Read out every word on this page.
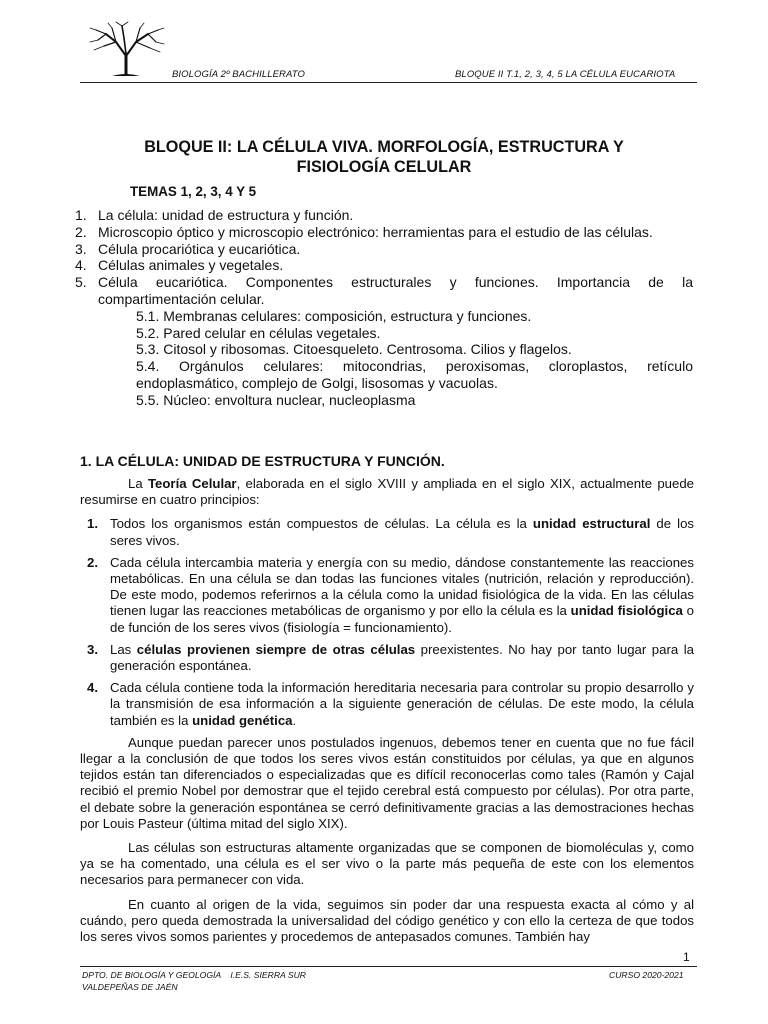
BIOLOGÍA 2º BACHILLERATO	BLOQUE II T.1, 2, 3, 4, 5 LA CÉLULA EUCARIOTA
BLOQUE II: LA CÉLULA VIVA. MORFOLOGÍA, ESTRUCTURA Y
FISIOLOGÍA CELULAR
TEMAS 1, 2, 3, 4 Y 5
1. La célula: unidad de estructura y función.
2. Microscopio óptico y microscopio electrónico: herramientas para el estudio de las células.
3. Célula procariótica y eucariótica.
4. Células animales y vegetales.
5. Célula eucariótica. Componentes estructurales y funciones. Importancia de la compartimentación celular.
5.1. Membranas celulares: composición, estructura y funciones.
5.2. Pared celular en células vegetales.
5.3. Citosol y ribosomas. Citoesqueleto. Centrosoma. Cilios y flagelos.
5.4. Orgánulos celulares: mitocondrias, peroxisomas, cloroplastos, retículo endoplasmático, complejo de Golgi, lisosomas y vacuolas.
5.5. Núcleo: envoltura nuclear, nucleoplasma
1. LA CÉLULA: UNIDAD DE ESTRUCTURA Y FUNCIÓN.
La Teoría Celular, elaborada en el siglo XVIII y ampliada en el siglo XIX, actualmente puede resumirse en cuatro principios:
1. Todos los organismos están compuestos de células. La célula es la unidad estructural de los seres vivos.
2. Cada célula intercambia materia y energía con su medio, dándose constantemente las reacciones metabólicas. En una célula se dan todas las funciones vitales (nutrición, relación y reproducción). De este modo, podemos referirnos a la célula como la unidad fisiológica de la vida. En las células tienen lugar las reacciones metabólicas de organismo y por ello la célula es la unidad fisiológica o de función de los seres vivos (fisiología = funcionamiento).
3. Las células provienen siempre de otras células preexistentes. No hay por tanto lugar para la generación espontánea.
4. Cada célula contiene toda la información hereditaria necesaria para controlar su propio desarrollo y la transmisión de esa información a la siguiente generación de células. De este modo, la célula también es la unidad genética.
Aunque puedan parecer unos postulados ingenuos, debemos tener en cuenta que no fue fácil llegar a la conclusión de que todos los seres vivos están constituidos por células, ya que en algunos tejidos están tan diferenciados o especializadas que es difícil reconocerlas como tales (Ramón y Cajal recibió el premio Nobel por demostrar que el tejido cerebral está compuesto por células). Por otra parte, el debate sobre la generación espontánea se cerró definitivamente gracias a las demostraciones hechas por Louis Pasteur (última mitad del siglo XIX).
Las células son estructuras altamente organizadas que se componen de biomoléculas y, como ya se ha comentado, una célula es el ser vivo o la parte más pequeña de este con los elementos necesarios para permanecer con vida.
En cuanto al origen de la vida, seguimos sin poder dar una respuesta exacta al cómo y al cuándo, pero queda demostrada la universalidad del código genético y con ello la certeza de que todos los seres vivos somos parientes y procedemos de antepasados comunes. También hay
1
DPTO. DE BIOLOGÍA Y GEOLOGÍA    I.E.S. SIERRA SUR
VALDEPEÑAS DE JAÉN
CURSO 2020-2021
